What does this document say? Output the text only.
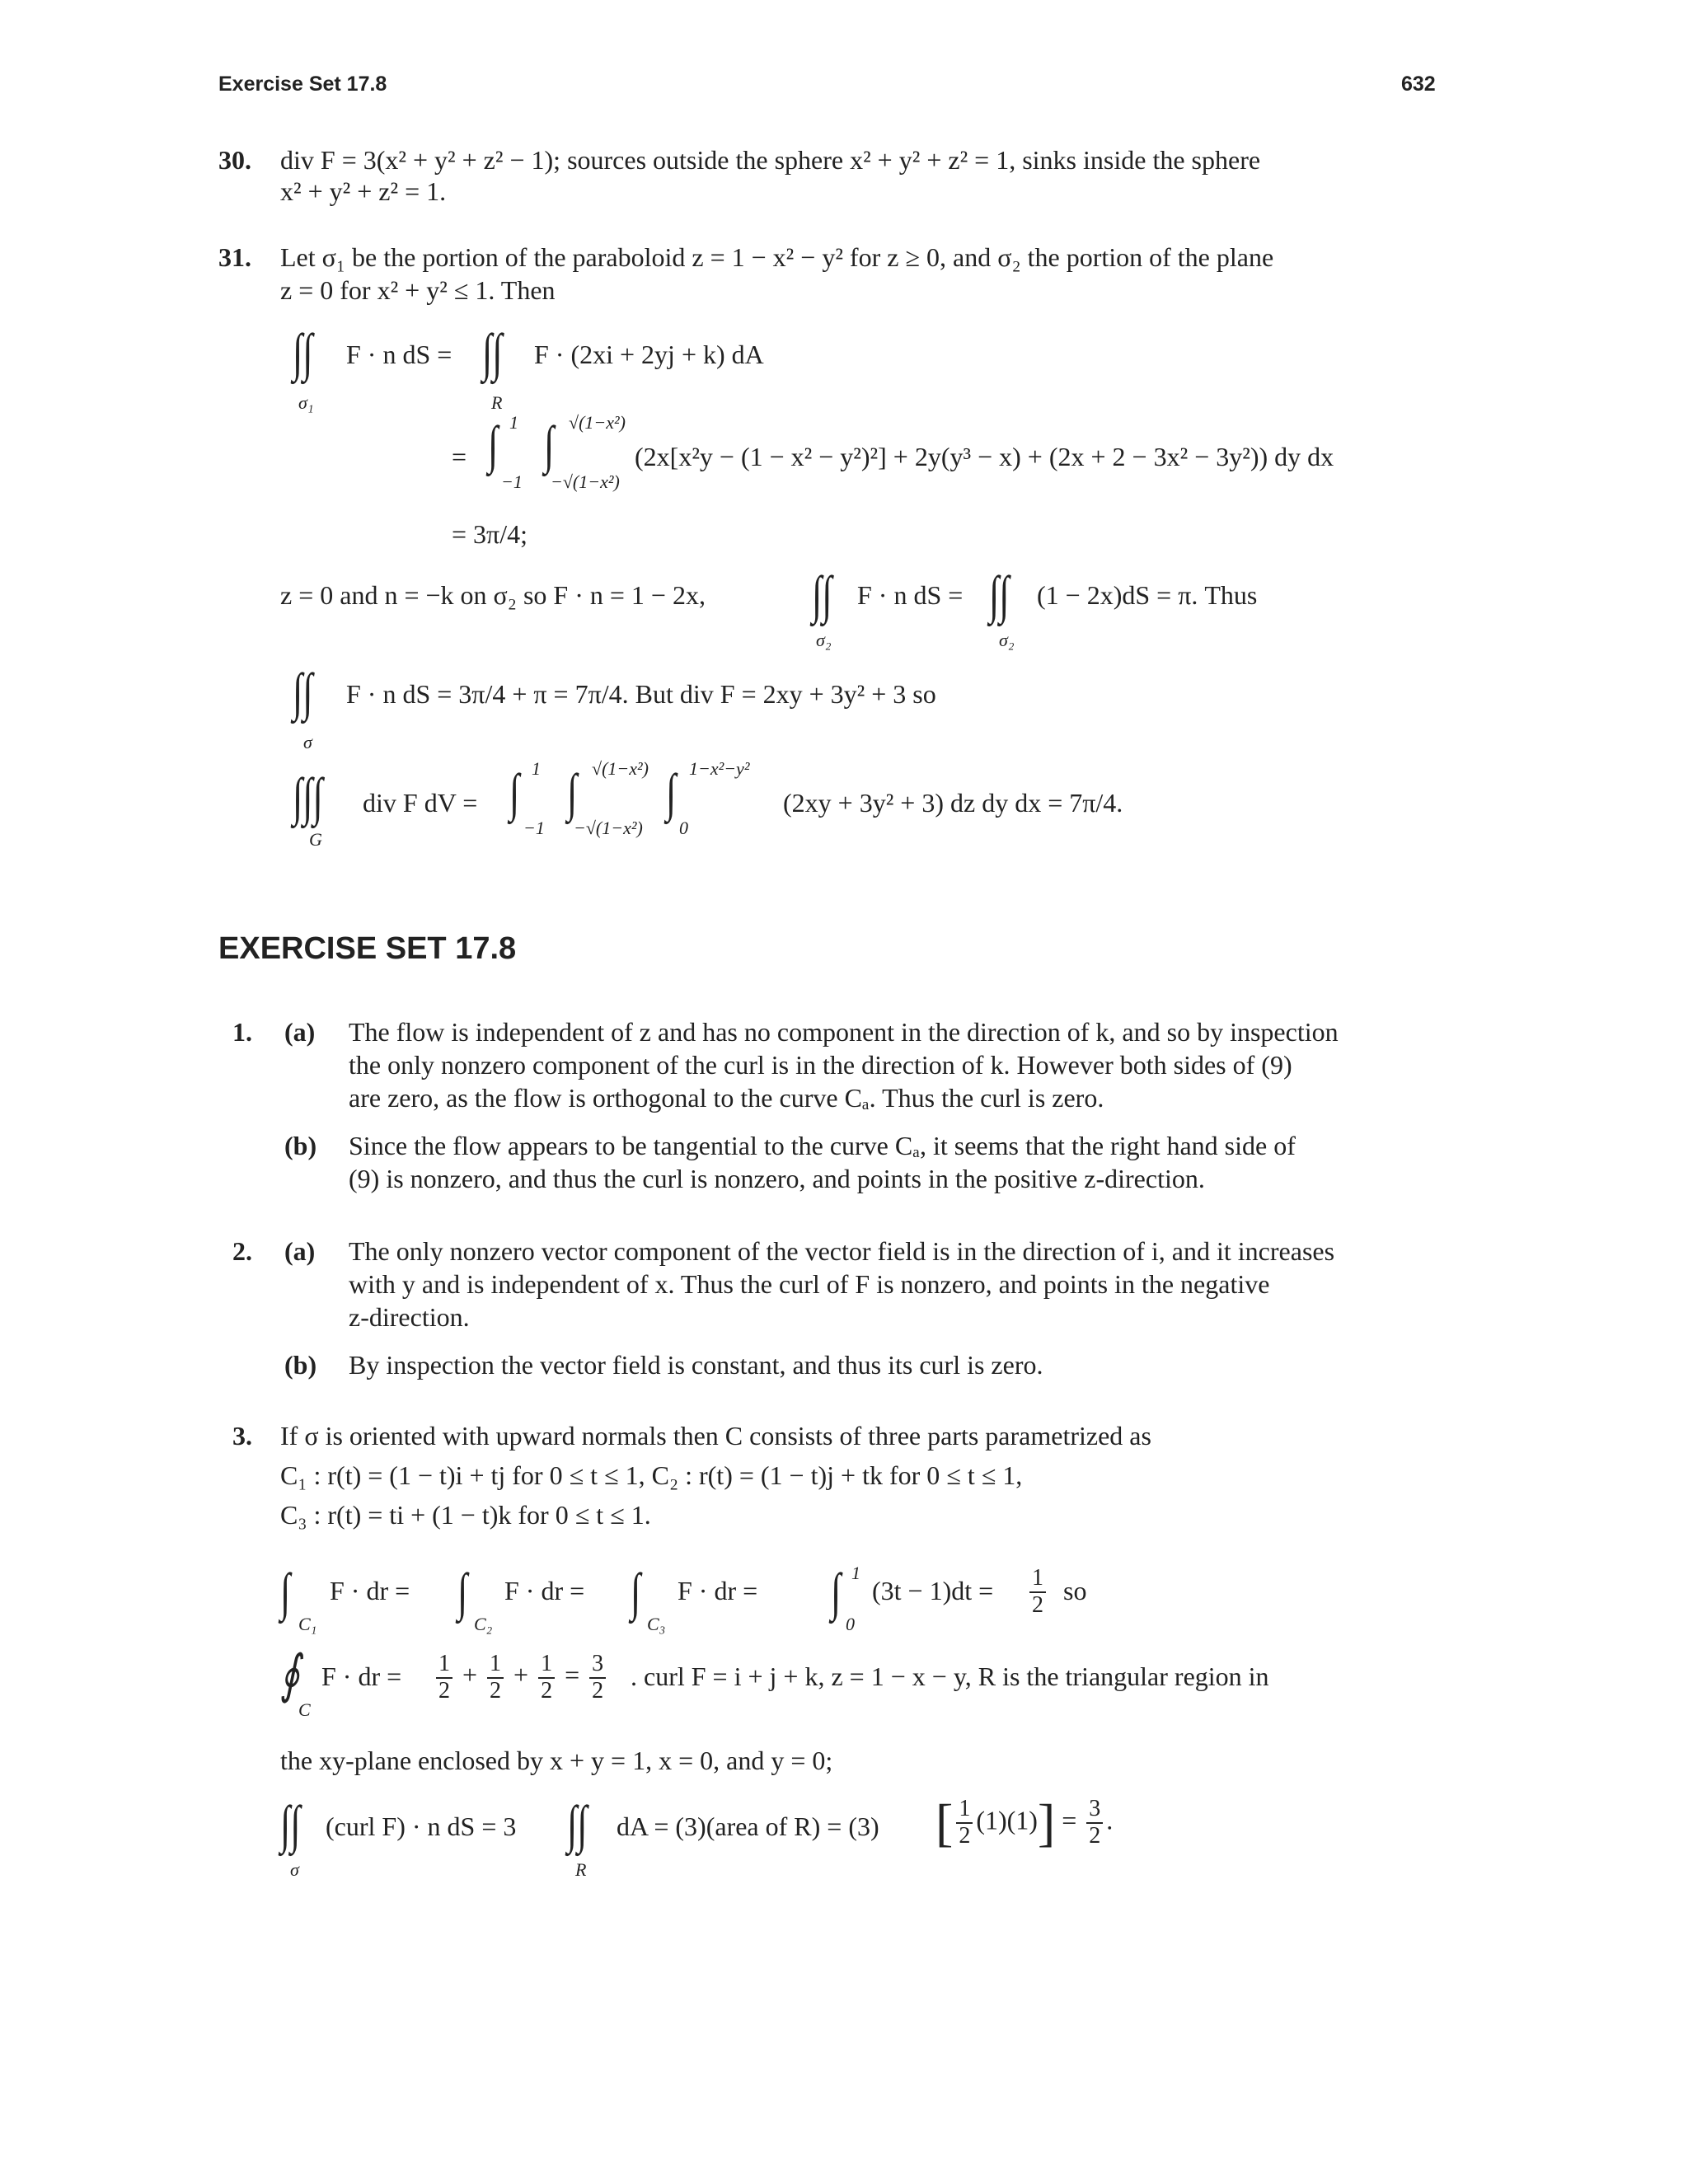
Exercise Set 17.8	632
30. div F = 3(x² + y² + z² − 1); sources outside the sphere x² + y² + z² = 1, sinks inside the sphere
x² + y² + z² = 1.
31. Let σ₁ be the portion of the paraboloid z = 1 − x² − y² for z ≥ 0, and σ₂ the portion of the plane
z = 0 for x² + y² ≤ 1. Then
∫∫ F · n dS =
σ₁
∫∫ F · (2xi + 2yj + k) dA
R
= ∫ 1
−1
∫ √(1−x²)
−√(1−x²)
(2x[x²y − (1 − x² − y²)²] + 2y(y³ − x) + (2x + 2 − 3x² − 3y²)) dy dx
= 3π/4;
z = 0 and n = −k on σ₂ so F · n = 1 − 2x, ∫∫ F · n dS =
σ₂
∫∫ (1 − 2x)dS = π. Thus
σ₂
∫∫ F · n dS = 3π/4 + π = 7π/4. But div F = 2xy + 3y² + 3 so
σ
∫∫∫ div F dV =
G
∫ 1
−1
∫ √(1−x²)
−√(1−x²)
∫ 1−x²−y²
0
(2xy + 3y² + 3) dz dy dx = 7π/4.
EXERCISE SET 17.8
1. (a) The flow is independent of z and has no component in the direction of k, and so by inspection
the only nonzero component of the curl is in the direction of k. However both sides of (9)
are zero, as the flow is orthogonal to the curve Cₐ. Thus the curl is zero.
(b) Since the flow appears to be tangential to the curve Cₐ, it seems that the right hand side of
(9) is nonzero, and thus the curl is nonzero, and points in the positive z-direction.
2. (a) The only nonzero vector component of the vector field is in the direction of i, and it increases
with y and is independent of x. Thus the curl of F is nonzero, and points in the negative
z-direction.
(b) By inspection the vector field is constant, and thus its curl is zero.
3. If σ is oriented with upward normals then C consists of three parts parametrized as
C₁ : r(t) = (1 − t)i + tj for 0 ≤ t ≤ 1, C₂ : r(t) = (1 − t)j + tk for 0 ≤ t ≤ 1,
C₃ : r(t) = ti + (1 − t)k for 0 ≤ t ≤ 1.
∫
C₁
F · dr = ∫
C₂
F · dr = ∫
C₃
F · dr = ∫ 1
0
$(3t - 1)dt = \frac{1}{2}$ so
∮
C
F · dr = $\frac{1}{2} + \frac{1}{2} + \frac{1}{2} = \frac{3}{2}$ . curl F = i + j + k, z = 1 − x − y, R is the triangular region in
the xy-plane enclosed by x + y = 1, x = 0, and y = 0;
∫∫
σ
(curl F) · n dS = 3 ∫∫
R
dA = (3)(area of R) = (3) [ $\frac{1}{2} (1)(1)] = \frac{3}{2}$ .
